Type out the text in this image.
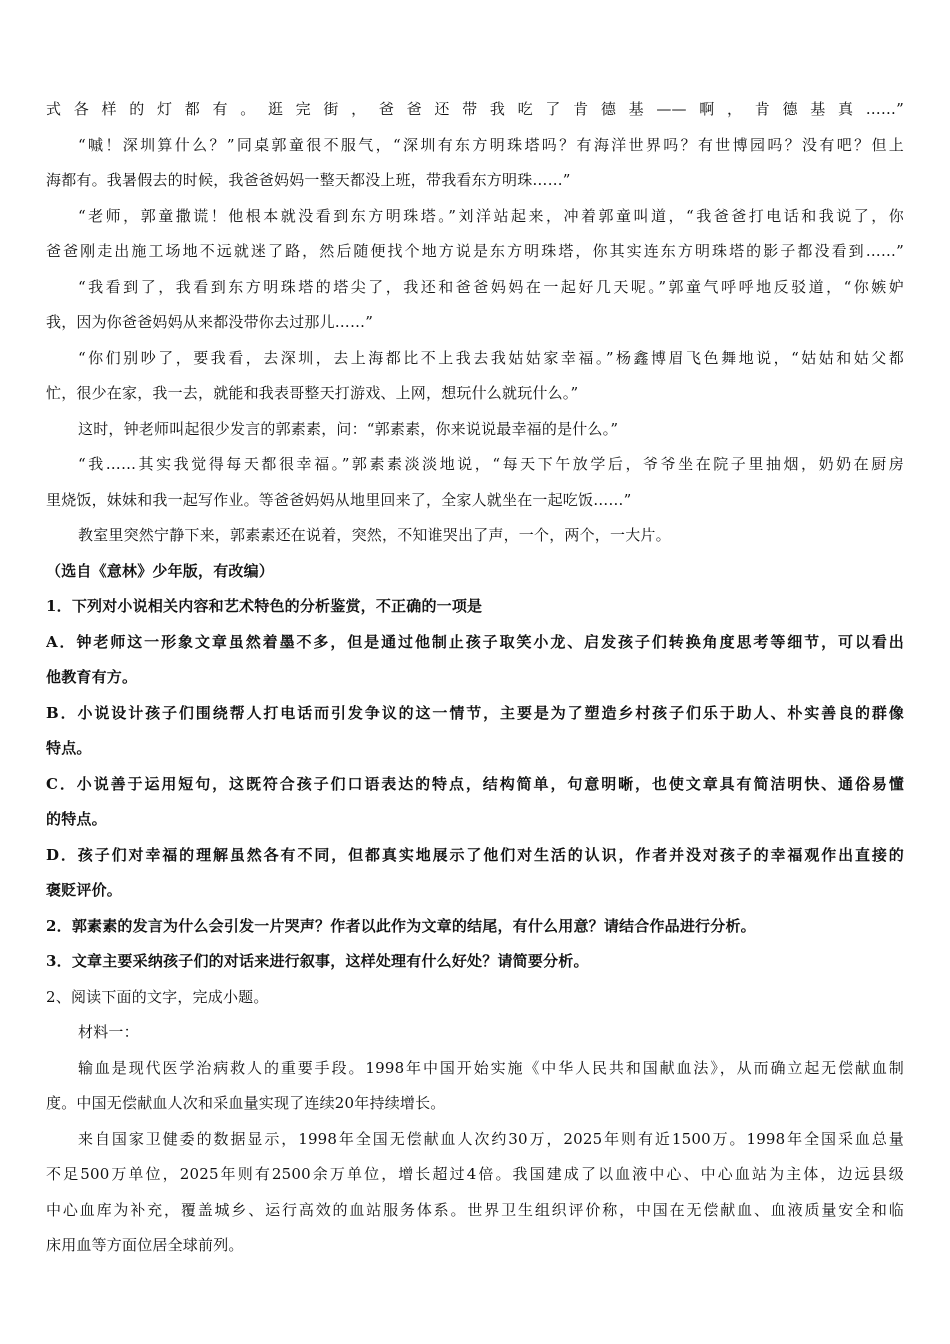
式各样的灯都有。逛完街，爸爸还带我吃了肯德基——啊，肯德基真……”
“嘁！深圳算什么？”同桌郭童很不服气，“深圳有东方明珠塔吗？有海洋世界吗？有世博园吗？没有吧？但上
海都有。我暑假去的时候，我爸爸妈妈一整天都没上班，带我看东方明珠……”
“老师，郭童撒谎！他根本就没看到东方明珠塔。”刘洋站起来，冲着郭童叫道，“我爸爸打电话和我说了，你
爸爸刚走出施工场地不远就迷了路，然后随便找个地方说是东方明珠塔，你其实连东方明珠塔的影子都没看到……”
“我看到了，我看到东方明珠塔的塔尖了，我还和爸爸妈妈在一起好几天呢。”郭童气呼呼地反驳道，“你嫉妒
我，因为你爸爸妈妈从来都没带你去过那儿……”
“你们别吵了，要我看，去深圳，去上海都比不上我去我姑姑家幸福。”杨鑫博眉飞色舞地说，“姑姑和姑父都
忙，很少在家，我一去，就能和我表哥整天打游戏、上网，想玩什么就玩什么。”
这时，钟老师叫起很少发言的郭素素，问：“郭素素，你来说说最幸福的是什么。”
“我……其实我觉得每天都很幸福。”郭素素淡淡地说，“每天下午放学后，爷爷坐在院子里抽烟，奶奶在厨房
里烧饭，妹妹和我一起写作业。等爸爸妈妈从地里回来了，全家人就坐在一起吃饭……”
教室里突然宁静下来，郭素素还在说着，突然，不知谁哭出了声，一个，两个，一大片。
（选自《意林》少年版，有改编）
1．下列对小说相关内容和艺术特色的分析鉴赏，不正确的一项是
A．钟老师这一形象文章虽然着墨不多，但是通过他制止孩子取笑小龙、启发孩子们转换角度思考等细节，可以看出
他教育有方。
B．小说设计孩子们围绕帮人打电话而引发争议的这一情节，主要是为了塑造乡村孩子们乐于助人、朴实善良的群像
特点。
C．小说善于运用短句，这既符合孩子们口语表达的特点，结构简单，句意明晰，也使文章具有简洁明快、通俗易懂
的特点。
D．孩子们对幸福的理解虽然各有不同，但都真实地展示了他们对生活的认识，作者并没对孩子的幸福观作出直接的
褒贬评价。
2．郭素素的发言为什么会引发一片哭声？作者以此作为文章的结尾，有什么用意？请结合作品进行分析。
3．文章主要采纳孩子们的对话来进行叙事，这样处理有什么好处？请简要分析。
2、阅读下面的文字，完成小题。
材料一：
输血是现代医学治病救人的重要手段。1998年中国开始实施《中华人民共和国献血法》，从而确立起无偿献血制
度。中国无偿献血人次和采血量实现了连续20年持续增长。
来自国家卫健委的数据显示，1998年全国无偿献血人次约30万，2025年则有近1500万。1998年全国采血总量
不足500万单位，2025年则有2500余万单位，增长超过4倍。我国建成了以血液中心、中心血站为主体，边远县级
中心血库为补充，覆盖城乡、运行高效的血站服务体系。世界卫生组织评价称，中国在无偿献血、血液质量安全和临
床用血等方面位居全球前列。
